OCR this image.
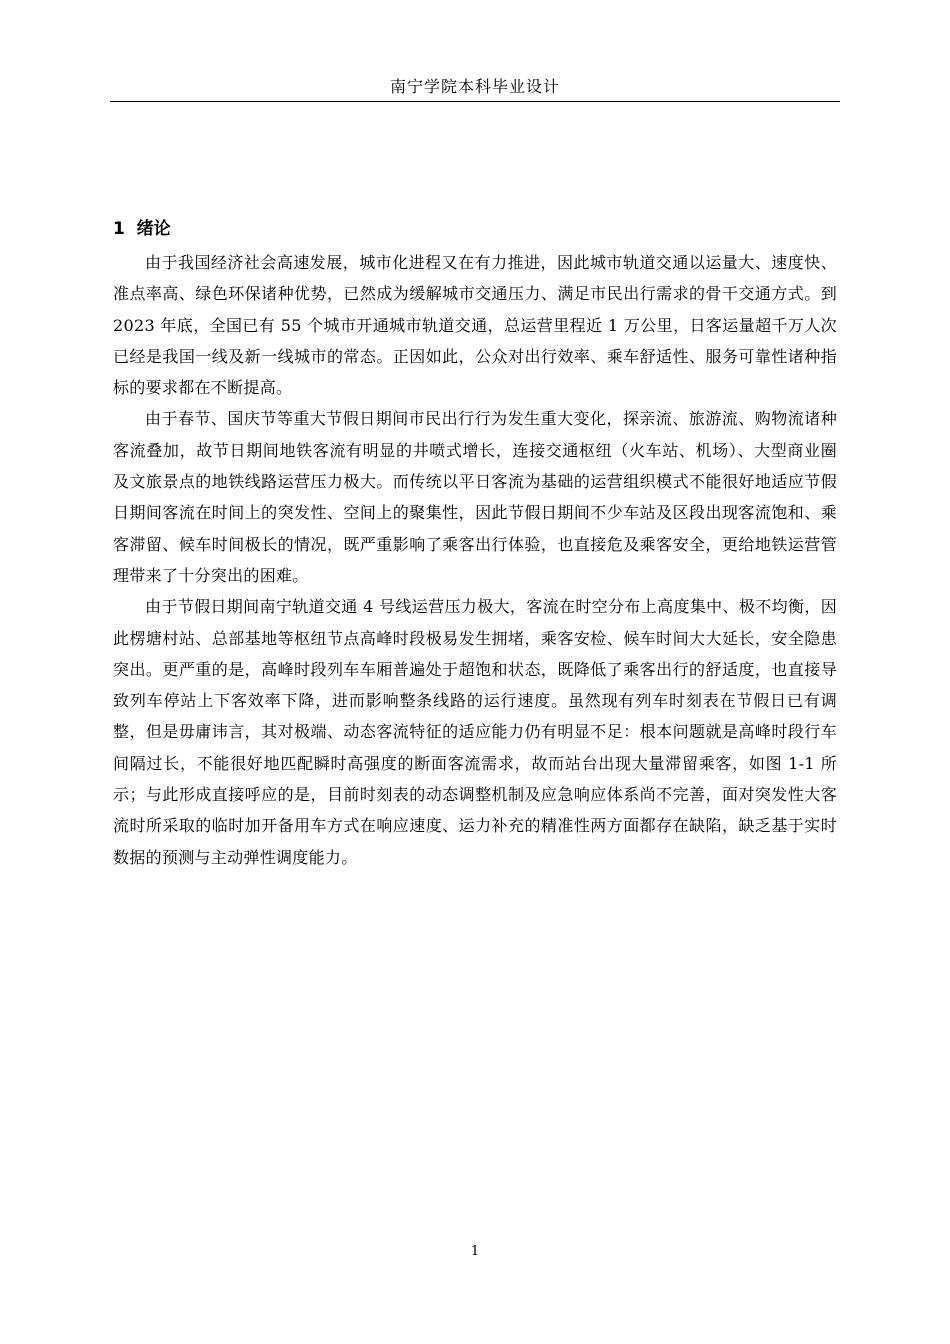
南宁学院本科毕业设计
1  绪论

由于我国经济社会高速发展，城市化进程又在有力推进，因此城市轨道交通以运量大、速度快、准点率高、绿色环保诸种优势，已然成为缓解城市交通压力、满足市民出行需求的骨干交通方式。到 2023 年底，全国已有 55 个城市开通城市轨道交通，总运营里程近 1 万公里，日客运量超千万人次已经是我国一线及新一线城市的常态。正因如此，公众对出行效率、乘车舒适性、服务可靠性诸种指标的要求都在不断提高。

由于春节、国庆节等重大节假日期间市民出行行为发生重大变化，探亲流、旅游流、购物流诸种客流叠加，故节日期间地铁客流有明显的井喷式增长，连接交通枢纽（火车站、机场）、大型商业圈及文旅景点的地铁线路运营压力极大。而传统以平日客流为基础的运营组织模式不能很好地适应节假日期间客流在时间上的突发性、空间上的聚集性，因此节假日期间不少车站及区段出现客流饱和、乘客滞留、候车时间极长的情况，既严重影响了乘客出行体验，也直接危及乘客安全，更给地铁运营管理带来了十分突出的困难。

由于节假日期间南宁轨道交通 4 号线运营压力极大，客流在时空分布上高度集中、极不均衡，因此楞塘村站、总部基地等枢纽节点高峰时段极易发生拥堵，乘客安检、候车时间大大延长，安全隐患突出。更严重的是，高峰时段列车车厢普遍处于超饱和状态，既降低了乘客出行的舒适度，也直接导致列车停站上下客效率下降，进而影响整条线路的运行速度。虽然现有列车时刻表在节假日已有调整，但是毋庸讳言，其对极端、动态客流特征的适应能力仍有明显不足：根本问题就是高峰时段行车间隔过长，不能很好地匹配瞬时高强度的断面客流需求，故而站台出现大量滞留乘客，如图 1-1 所示；与此形成直接呼应的是，目前时刻表的动态调整机制及应急响应体系尚不完善，面对突发性大客流时所采取的临时加开备用车方式在响应速度、运力补充的精准性两方面都存在缺陷，缺乏基于实时数据的预测与主动弹性调度能力。

1
